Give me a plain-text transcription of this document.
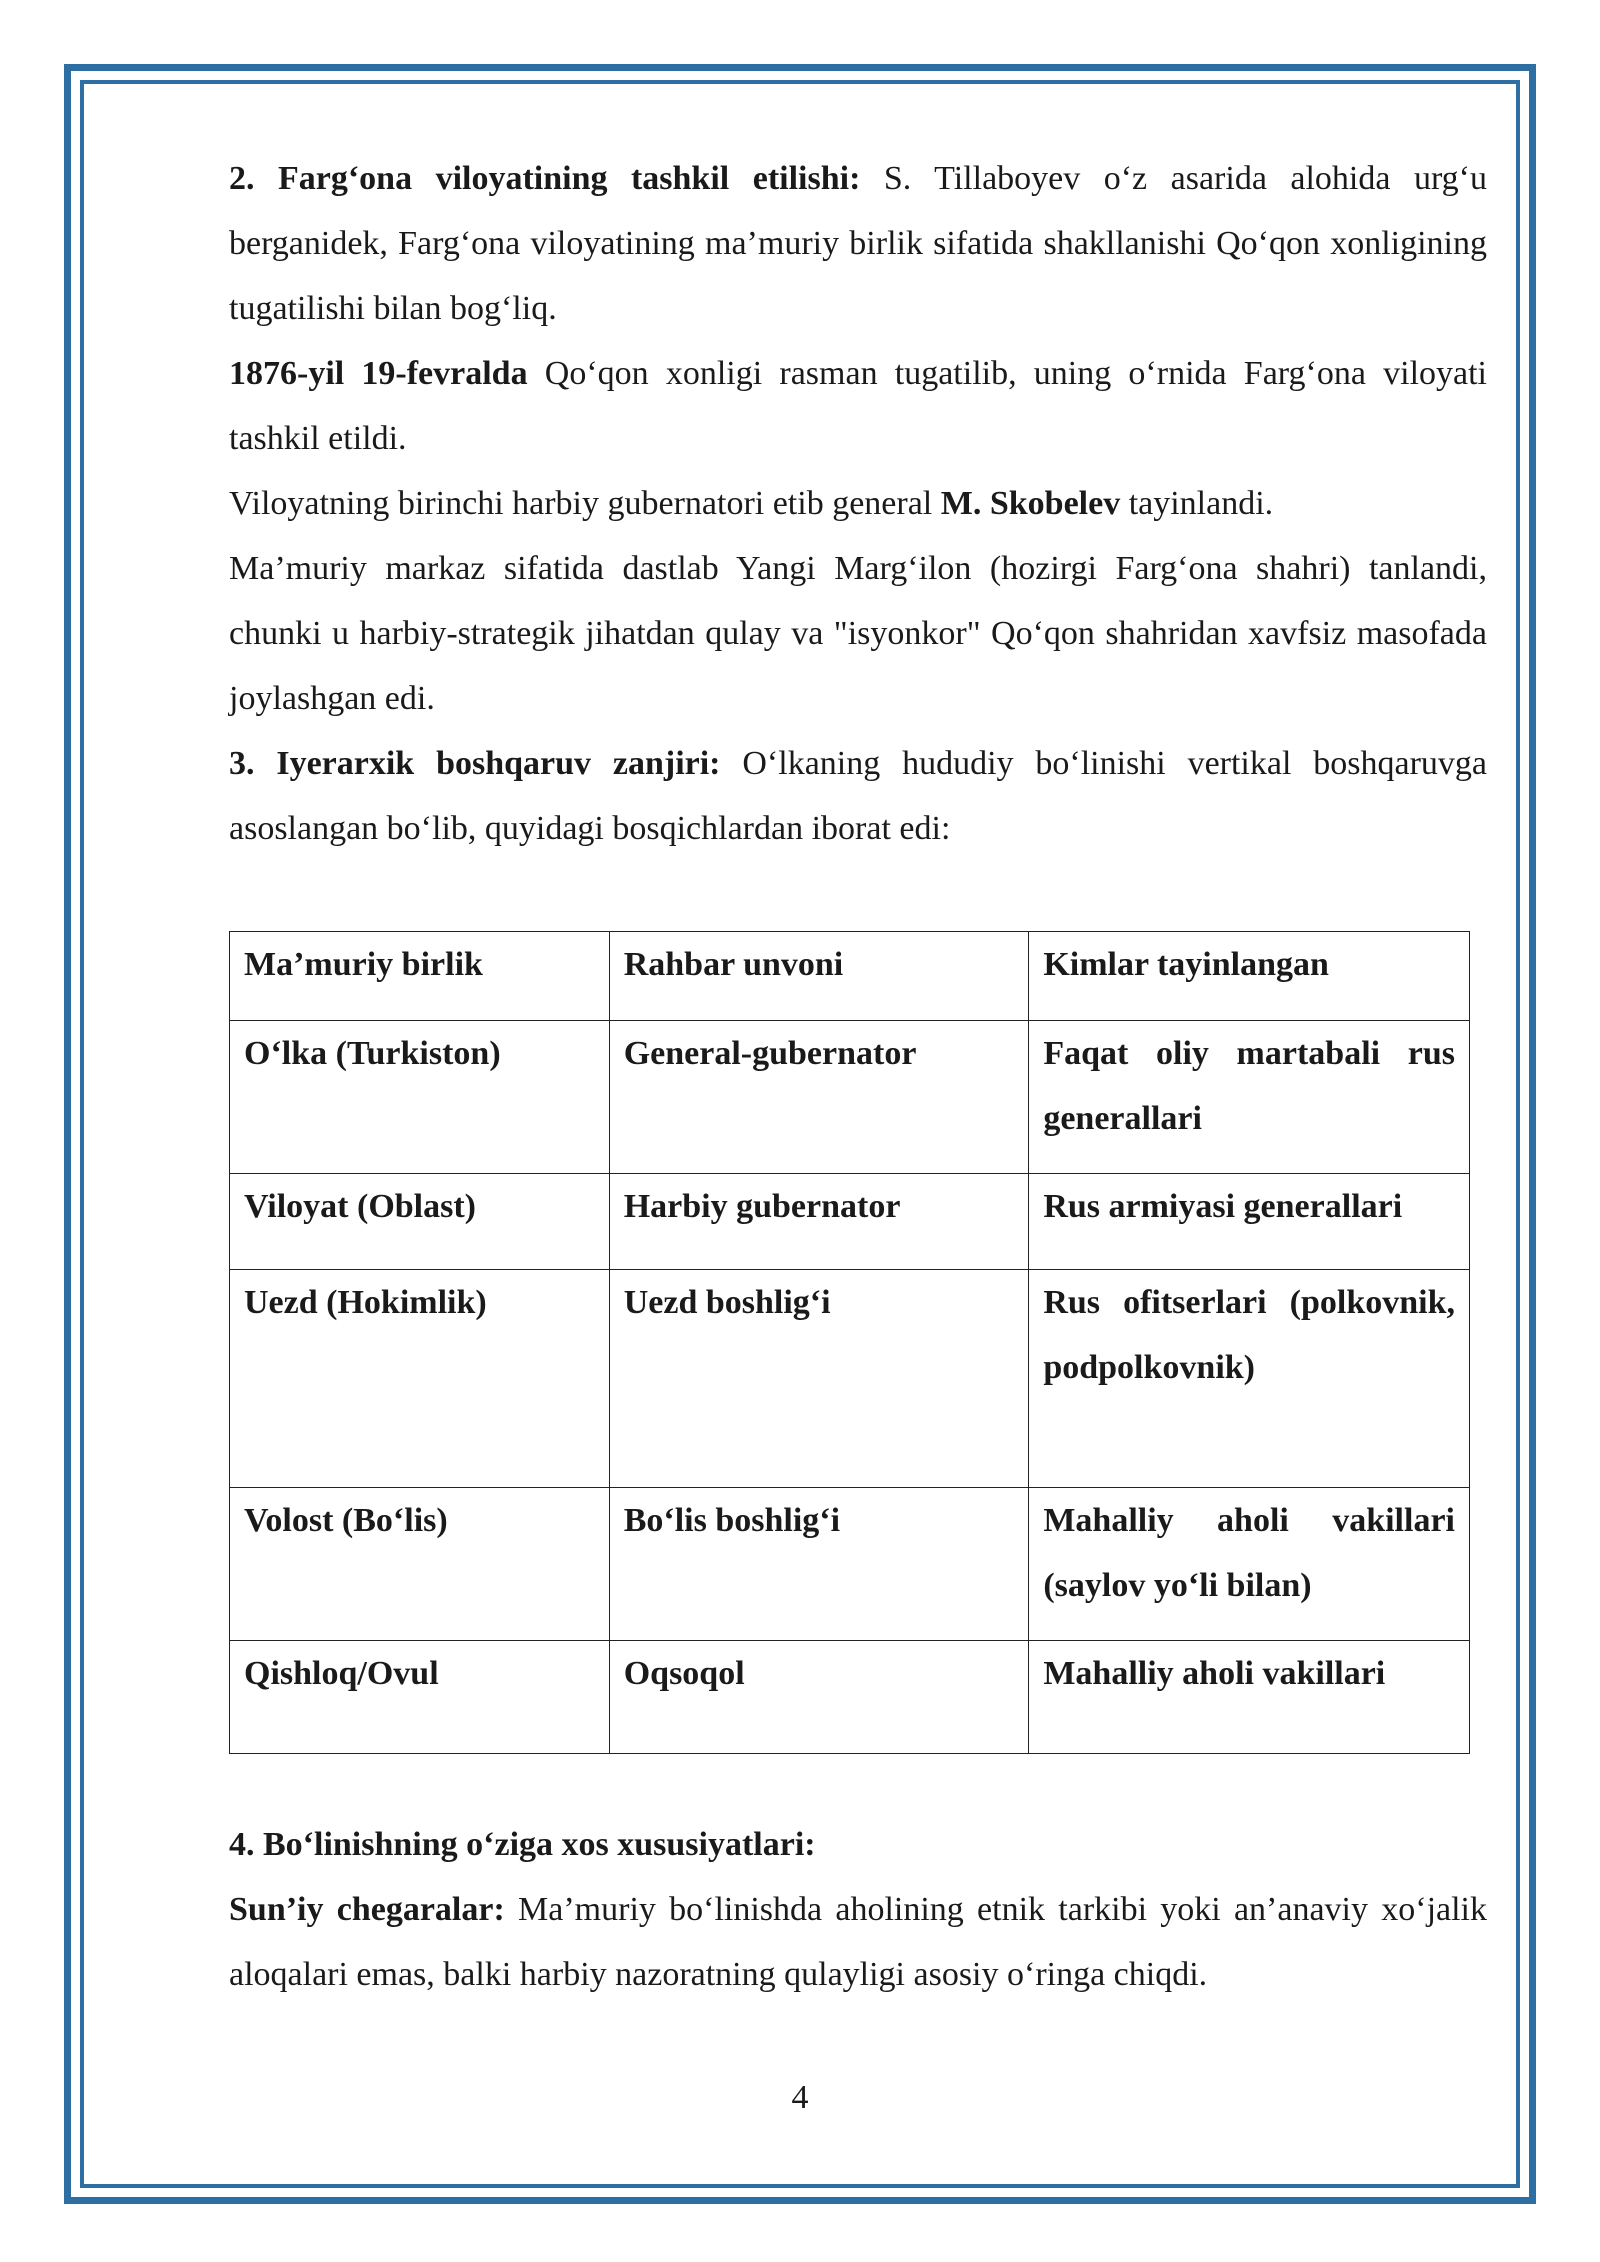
2. Farg‘ona viloyatining tashkil etilishi: S. Tillaboyev o‘z asarida alohida urg‘u berganidek, Farg‘ona viloyatining ma’muriy birlik sifatida shakllanishi Qo‘qon xonligining tugatilishi bilan bog‘liq.

1876-yil 19-fevralda Qo‘qon xonligi rasman tugatilib, uning o‘rnida Farg‘ona viloyati tashkil etildi.

Viloyatning birinchi harbiy gubernatori etib general M. Skobelev tayinlandi.

Ma’muriy markaz sifatida dastlab Yangi Marg‘ilon (hozirgi Farg‘ona shahri) tanlandi, chunki u harbiy-strategik jihatdan qulay va "isyonkor" Qo‘qon shahridan xavfsiz masofada joylashgan edi.

3. Iyerarxik boshqaruv zanjiri: O‘lkaning hududiy bo‘linishi vertikal boshqaruvga asoslangan bo‘lib, quyidagi bosqichlardan iborat edi:

Ma’muriy birlik	Rahbar unvoni	Kimlar tayinlangan
O‘lka (Turkiston)	General-gubernator	Faqat oliy martabali rus generallari
Viloyat (Oblast)	Harbiy gubernator	Rus armiyasi generallari
Uezd (Hokimlik)	Uezd boshlig‘i	Rus ofitserlari (polkovnik, podpolkovnik)
Volost (Bo‘lis)	Bo‘lis boshlig‘i	Mahalliy aholi vakillari (saylov yo‘li bilan)
Qishloq/Ovul	Oqsoqol	Mahalliy aholi vakillari

4. Bo‘linishning o‘ziga xos xususiyatlari:

Sun’iy chegaralar: Ma’muriy bo‘linishda aholining etnik tarkibi yoki an’anaviy xo‘jalik aloqalari emas, balki harbiy nazoratning qulayligi asosiy o‘ringa chiqdi.

4
